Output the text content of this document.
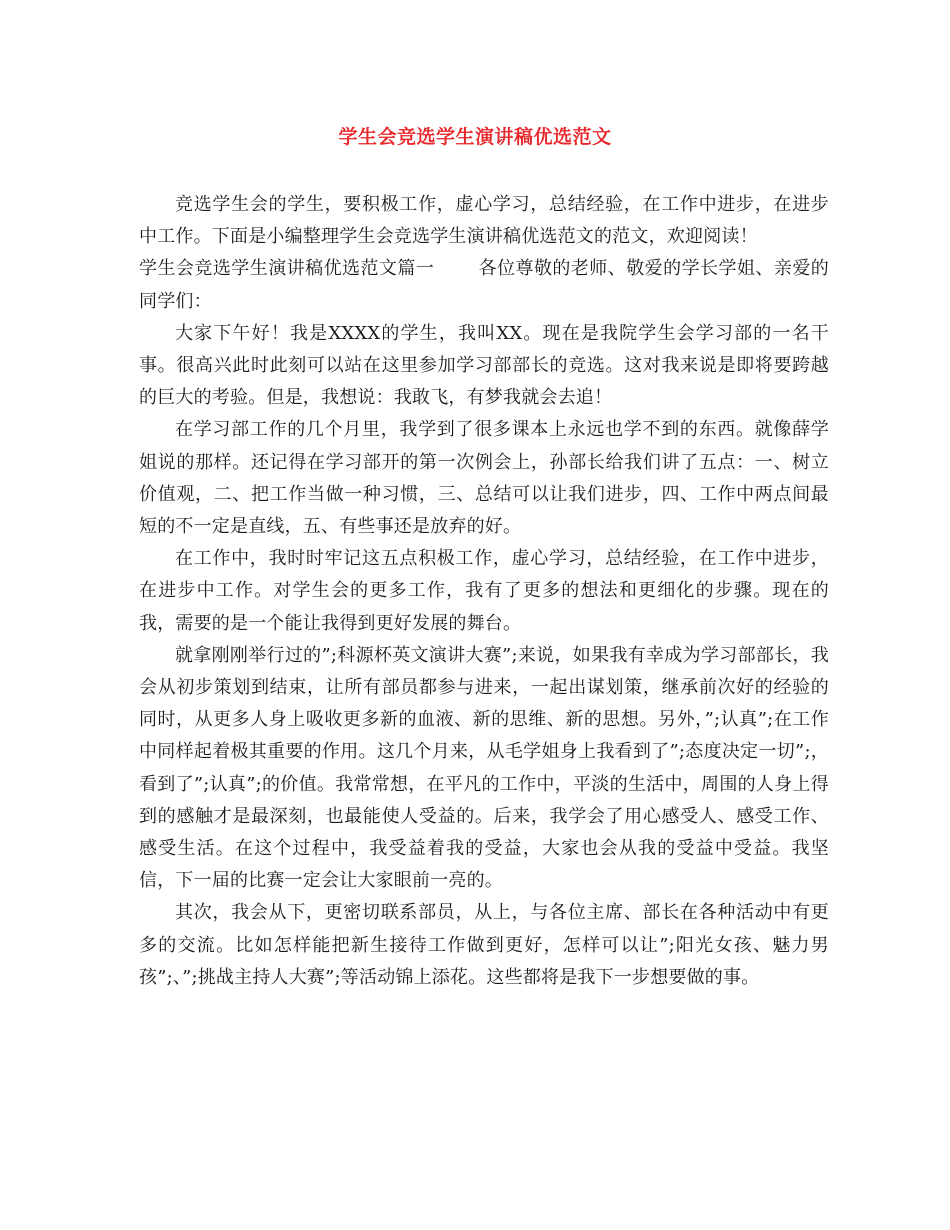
学生会竞选学生演讲稿优选范文

竞选学生会的学生，要积极工作，虚心学习，总结经验，在工作中进步，在进步中工作。下面是小编整理学生会竞选学生演讲稿优选范文的范文，欢迎阅读！

学生会竞选学生演讲稿优选范文篇一 各位尊敬的老师、敬爱的学长学姐、亲爱的同学们：

大家下午好！我是XXXX的学生，我叫XX。现在是我院学生会学习部的一名干事。很高兴此时此刻可以站在这里参加学习部部长的竞选。这对我来说是即将要跨越的巨大的考验。但是，我想说：我敢飞，有梦我就会去追！

在学习部工作的几个月里，我学到了很多课本上永远也学不到的东西。就像薛学姐说的那样。还记得在学习部开的第一次例会上，孙部长给我们讲了五点：一、树立价值观，二、把工作当做一种习惯，三、总结可以让我们进步，四、工作中两点间最短的不一定是直线，五、有些事还是放弃的好。

在工作中，我时时牢记这五点积极工作，虚心学习，总结经验，在工作中进步，在进步中工作。对学生会的更多工作，我有了更多的想法和更细化的步骤。现在的我，需要的是一个能让我得到更好发展的舞台。

就拿刚刚举行过的”;科源杯英文演讲大赛”;来说，如果我有幸成为学习部部长，我会从初步策划到结束，让所有部员都参与进来，一起出谋划策，继承前次好的经验的同时，从更多人身上吸收更多新的血液、新的思维、新的思想。另外，”;认真”;在工作中同样起着极其重要的作用。这几个月来，从毛学姐身上我看到了”;态度决定一切”;，看到了”;认真”;的价值。我常常想，在平凡的工作中，平淡的生活中，周围的人身上得到的感触才是最深刻，也最能使人受益的。后来，我学会了用心感受人、感受工作、感受生活。在这个过程中，我受益着我的受益，大家也会从我的受益中受益。我坚信，下一届的比赛一定会让大家眼前一亮的。

其次，我会从下，更密切联系部员，从上，与各位主席、部长在各种活动中有更多的交流。比如怎样能把新生接待工作做到更好，怎样可以让”;阳光女孩、魅力男孩”;、”;挑战主持人大赛”;等活动锦上添花。这些都将是我下一步想要做的事。
